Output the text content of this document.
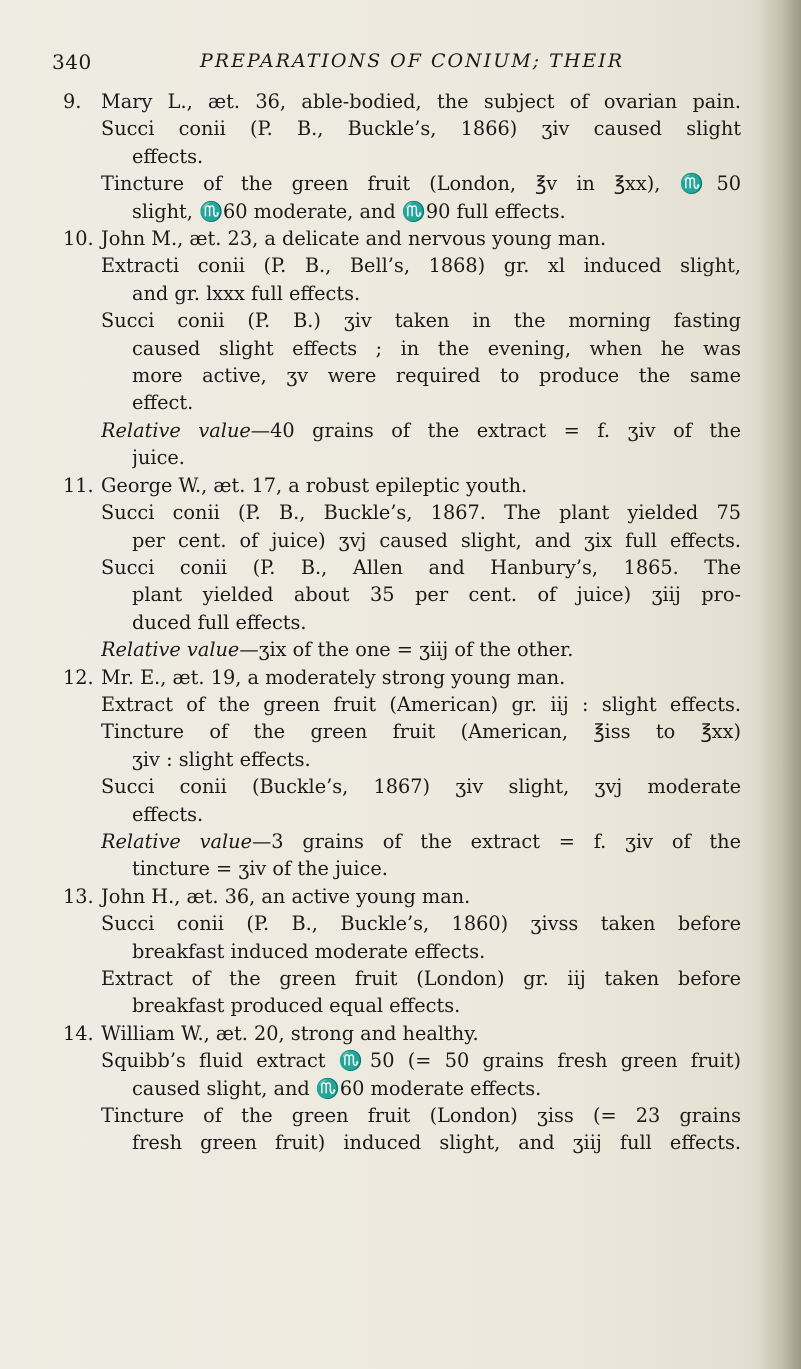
340	PREPARATIONS OF CONIUM; THEIR
9. Mary L., æt. 36, able-bodied, the subject of ovarian pain.
Succi conii (P. B., Buckle’s, 1866) ʒiv caused slight
effects.
Tincture of the green fruit (London, ℥v in ℥xx), ♏50
slight, ♏60 moderate, and ♏90 full effects.
10. John M., æt. 23, a delicate and nervous young man.
Extracti conii (P. B., Bell’s, 1868) gr. xl induced slight,
and gr. lxxx full effects.
Succi conii (P. B.) ʒiv taken in the morning fasting
caused slight effects ; in the evening, when he was
more active, ʒv were required to produce the same
effect.
Relative value—40 grains of the extract = f. ʒiv of the
juice.
11. George W., æt. 17, a robust epileptic youth.
Succi conii (P. B., Buckle’s, 1867. The plant yielded 75
per cent. of juice) ʒvj caused slight, and ʒix full effects.
Succi conii (P. B., Allen and Hanbury’s, 1865. The
plant yielded about 35 per cent. of juice) ʒiij pro-
duced full effects.
Relative value—ʒix of the one = ʒiij of the other.
12. Mr. E., æt. 19, a moderately strong young man.
Extract of the green fruit (American) gr. iij : slight effects.
Tincture of the green fruit (American, ℥iss to ℥xx)
ʒiv : slight effects.
Succi conii (Buckle’s, 1867) ʒiv slight, ʒvj moderate
effects.
Relative value—3 grains of the extract = f. ʒiv of the
tincture = ʒiv of the juice.
13. John H., æt. 36, an active young man.
Succi conii (P. B., Buckle’s, 1860) ʒivss taken before
breakfast induced moderate effects.
Extract of the green fruit (London) gr. iij taken before
breakfast produced equal effects.
14. William W., æt. 20, strong and healthy.
Squibb’s fluid extract ♏50 (= 50 grains fresh green fruit)
caused slight, and ♏60 moderate effects.
Tincture of the green fruit (London) ʒiss (= 23 grains
fresh green fruit) induced slight, and ʒiij full effects.
